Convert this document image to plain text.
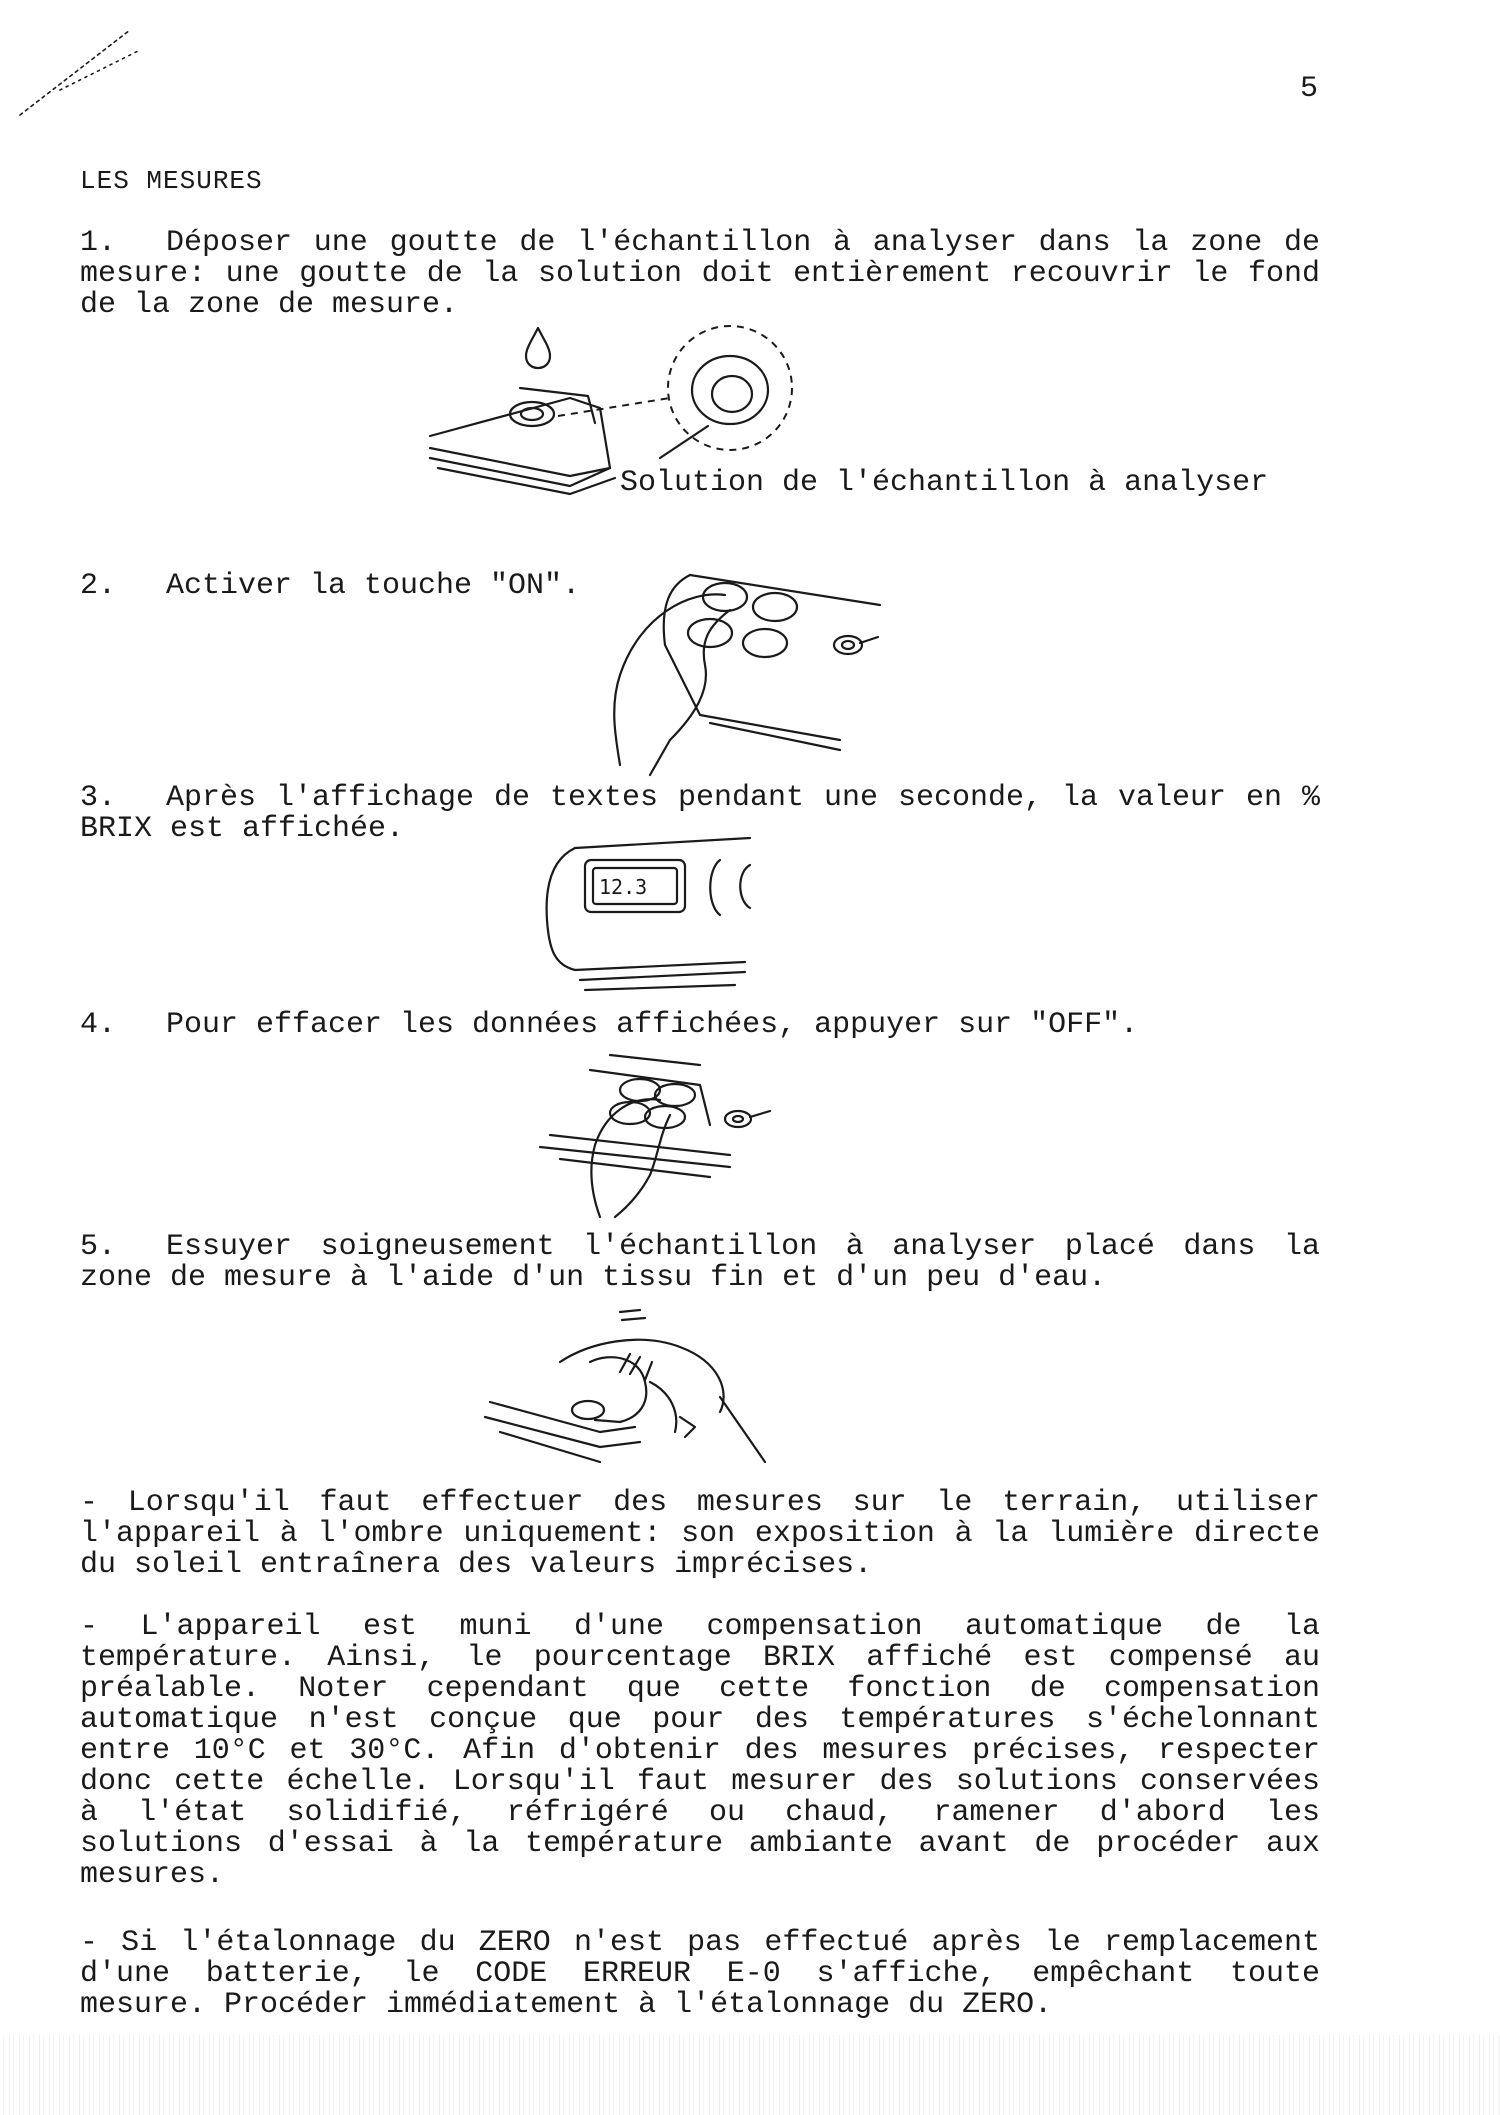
5
LES MESURES
1. Déposer une goutte de l'échantillon à analyser dans la zone de mesure: une goutte de la solution doit entièrement recouvrir le fond de la zone de mesure.
Solution de l'échantillon à analyser
2. Activer la touche "ON".
3. Après l'affichage de textes pendant une seconde, la valeur en % BRIX est affichée.
12.3
4. Pour effacer les données affichées, appuyer sur "OFF".
5. Essuyer soigneusement l'échantillon à analyser placé dans la zone de mesure à l'aide d'un tissu fin et d'un peu d'eau.
- Lorsqu'il faut effectuer des mesures sur le terrain, utiliser l'appareil à l'ombre uniquement: son exposition à la lumière directe du soleil entraînera des valeurs imprécises.
- L'appareil est muni d'une compensation automatique de la température. Ainsi, le pourcentage BRIX affiché est compensé au préalable. Noter cependant que cette fonction de compensation automatique n'est conçue que pour des températures s'échelonnant entre 10°C et 30°C. Afin d'obtenir des mesures précises, respecter donc cette échelle. Lorsqu'il faut mesurer des solutions conservées à l'état solidifié, réfrigéré ou chaud, ramener d'abord les solutions d'essai à la température ambiante avant de procéder aux mesures.
- Si l'étalonnage du ZERO n'est pas effectué après le remplacement d'une batterie, le CODE ERREUR E-0 s'affiche, empêchant toute mesure. Procéder immédiatement à l'étalonnage du ZERO.
